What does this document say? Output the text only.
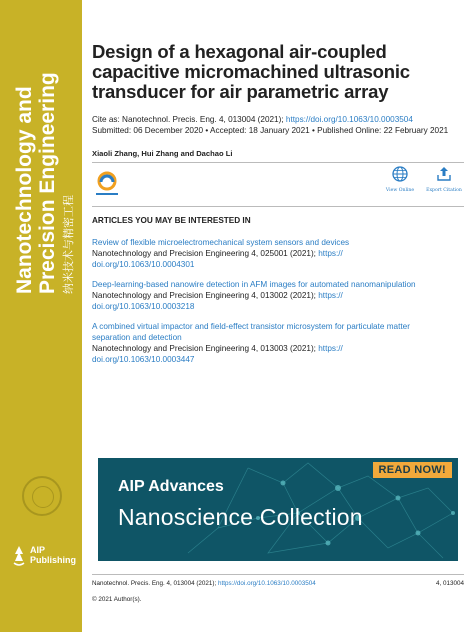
Nanotechnology and Precision Engineering 纳米技术与精密工程
AIP
Publishing
Design of a hexagonal air-coupled
capacitive micromachined ultrasonic
transducer for air parametric array
Cite as: Nanotechnol. Precis. Eng. 4, 013004 (2021); https://doi.org/10.1063/10.0003504
Submitted: 06 December 2020 • Accepted: 18 January 2021 • Published Online: 22 February 2021
Xiaoli Zhang, Hui Zhang and Dachao Li
View Online	Export Citation
ARTICLES YOU MAY BE INTERESTED IN
Review of flexible microelectromechanical system sensors and devices
Nanotechnology and Precision Engineering 4, 025001 (2021); https://
doi.org/10.1063/10.0004301
Deep-learning-based nanowire detection in AFM images for automated nanomanipulation
Nanotechnology and Precision Engineering 4, 013002 (2021); https://
doi.org/10.1063/10.0003218
A combined virtual impactor and field-effect transistor microsystem for particulate matter
separation and detection
Nanotechnology and Precision Engineering 4, 013003 (2021); https://
doi.org/10.1063/10.0003447
READ NOW!
AIP Advances
Nanoscience Collection
Nanotechnol. Precis. Eng. 4, 013004 (2021); https://doi.org/10.1063/10.0003504	4, 013004
© 2021 Author(s).
